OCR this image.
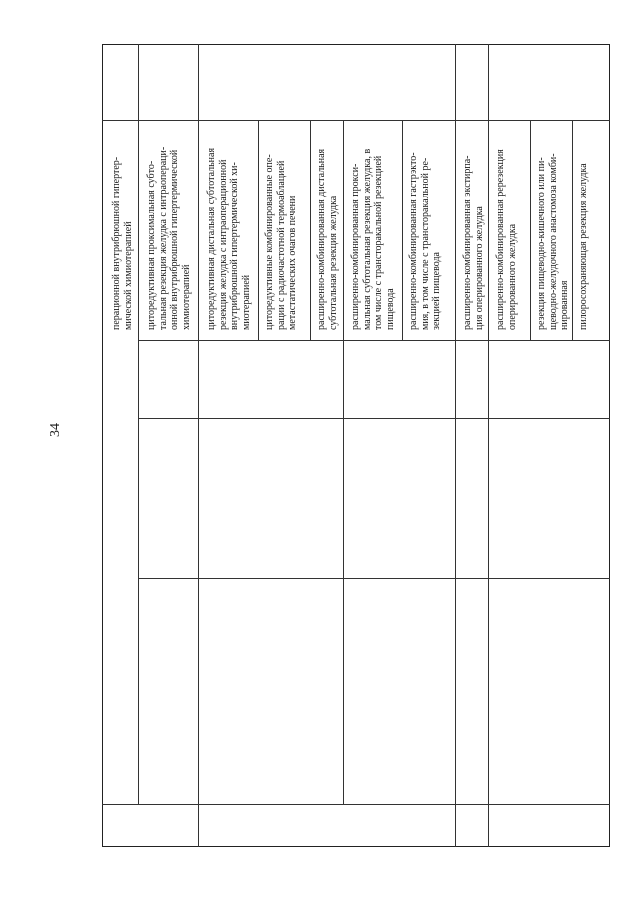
34
перационной внутрибрюшной гипертер-
мической химиотерапией
циторедуктивная проксимальная субто-
тальная резекция желудка с интраопераци-
онной внутрибрюшной гипертермической
химиотерапией циторедуктивная дистальная субтотальная
резекция желудка с интраоперационной
внутрибрюшной гипертермической хи-
миотерапией циторедуктивные комбинированные опе-
рации с радиочастотной термоаблацией
метастатических очагов печени расширенно-комбинированная дистальная
субтотальная резекция желудка расширенно-комбинированная прокси-
мальная субтотальная резекция желудка, в
том числе с трансторакальной резекцией
пищевода расширенно-комбинированная гастрэкто-
мия, в том числе с трансторакальной ре-
зекцией пищевода расширенно-комбинированная экстирпа-
ция оперированного желудка расширенно-комбинированная ререзекция
оперированного желудка
резекция пищеводно-кишечного или пи-
щеводно-желудочного анастомоза комби-
нированная пилоросохраняющая резекция желудка
